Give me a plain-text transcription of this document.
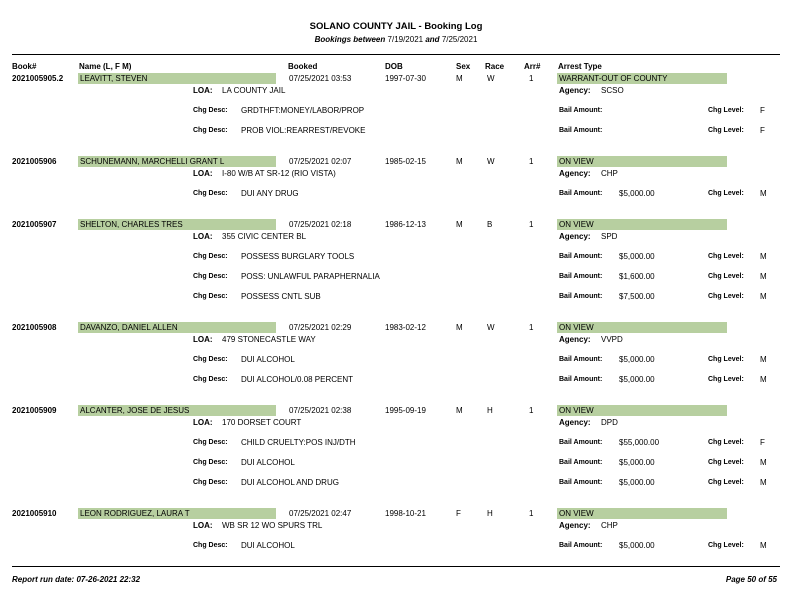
SOLANO COUNTY JAIL - Booking Log
Bookings between 7/19/2021 and 7/25/2021
Book#	Name (L, F M)	Booked	DOB	Sex Race Arr# Arrest Type
2021005905.2 LEAVITT, STEVEN	07/25/2021 03:53	1997-07-30	M	W	1	WARRANT-OUT OF COUNTY
LOA: LA COUNTY JAIL	Agency: SCSO
Chg Desc: GRDTHFT:MONEY/LABOR/PROP	Bail Amount:	Chg Level: F
Chg Desc: PROB VIOL:REARREST/REVOKE	Bail Amount:	Chg Level: F
2021005906	SCHUNEMANN, MARCHELLI GRANT L	07/25/2021 02:07	1985-02-15	M	W	1	ON VIEW
LOA: I-80 W/B AT SR-12 (RIO VISTA)	Agency: CHP
Chg Desc: DUI ANY DRUG	Bail Amount: $5,000.00	Chg Level: M
2021005907	SHELTON, CHARLES TRES	07/25/2021 02:18	1986-12-13	M	B	1	ON VIEW
LOA: 355 CIVIC CENTER BL	Agency: SPD
Chg Desc: POSSESS BURGLARY TOOLS	Bail Amount: $5,000.00	Chg Level: M
Chg Desc: POSS: UNLAWFUL PARAPHERNALIA	Bail Amount: $1,600.00	Chg Level: M
Chg Desc: POSSESS CNTL SUB	Bail Amount: $7,500.00	Chg Level: M
2021005908	DAVANZO, DANIEL ALLEN	07/25/2021 02:29	1983-02-12	M	W	1	ON VIEW
LOA: 479 STONECASTLE WAY	Agency: VVPD
Chg Desc: DUI ALCOHOL	Bail Amount: $5,000.00	Chg Level: M
Chg Desc: DUI ALCOHOL/0.08 PERCENT	Bail Amount: $5,000.00	Chg Level: M
2021005909	ALCANTER, JOSE DE JESUS	07/25/2021 02:38	1995-09-19	M	H	1	ON VIEW
LOA: 170 DORSET COURT	Agency: DPD
Chg Desc: CHILD CRUELTY:POS INJ/DTH	Bail Amount: $55,000.00	Chg Level: F
Chg Desc: DUI ALCOHOL	Bail Amount: $5,000.00	Chg Level: M
Chg Desc: DUI ALCOHOL AND DRUG	Bail Amount: $5,000.00	Chg Level: M
2021005910	LEON RODRIGUEZ, LAURA T	07/25/2021 02:47	1998-10-21	F	H	1	ON VIEW
LOA: WB SR 12 WO SPURS TRL	Agency: CHP
Chg Desc: DUI ALCOHOL	Bail Amount: $5,000.00	Chg Level: M
Report run date: 07-26-2021 22:32	Page 50 of 55
